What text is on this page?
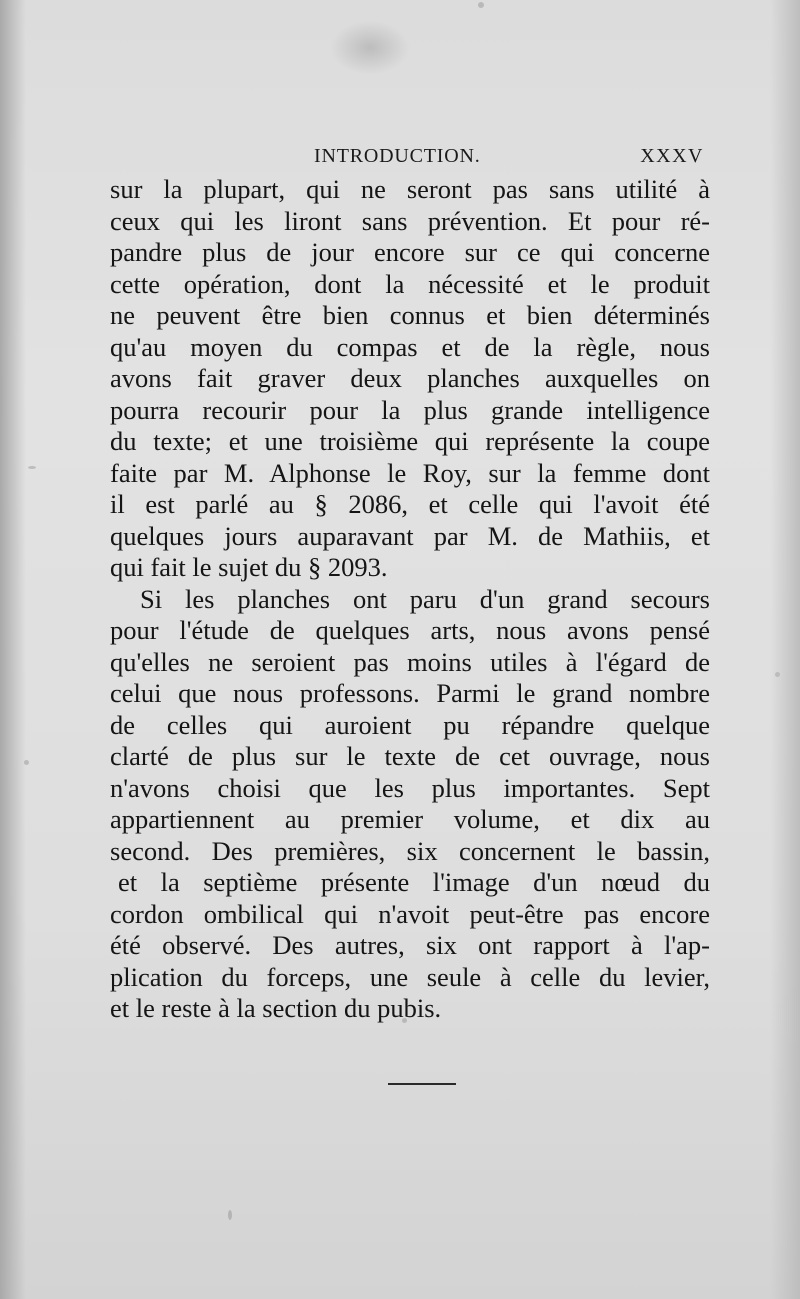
INTRODUCTION.	XXXV
sur la plupart, qui ne seront pas sans utilité à
ceux qui les liront sans prévention. Et pour ré-
pandre plus de jour encore sur ce qui concerne
cette opération, dont la nécessité et le produit
ne peuvent être bien connus et bien déterminés
qu'au moyen du compas et de la règle, nous
avons fait graver deux planches auxquelles on
pourra recourir pour la plus grande intelligence
du texte; et une troisième qui représente la coupe
faite par M. Alphonse le Roy, sur la femme dont
il est parlé au § 2086, et celle qui l'avoit été
quelques jours auparavant par M. de Mathiis, et
qui fait le sujet du § 2093.
Si les planches ont paru d'un grand secours
pour l'étude de quelques arts, nous avons pensé
qu'elles ne seroient pas moins utiles à l'égard de
celui que nous professons. Parmi le grand nombre
de celles qui auroient pu répandre quelque
clarté de plus sur le texte de cet ouvrage, nous
n'avons choisi que les plus importantes. Sept
appartiennent au premier volume, et dix au
second. Des premières, six concernent le bassin,
et la septième présente l'image d'un nœud du
cordon ombilical qui n'avoit peut-être pas encore
été observé. Des autres, six ont rapport à l'ap-
plication du forceps, une seule à celle du levier,
et le reste à la section du pubis.
